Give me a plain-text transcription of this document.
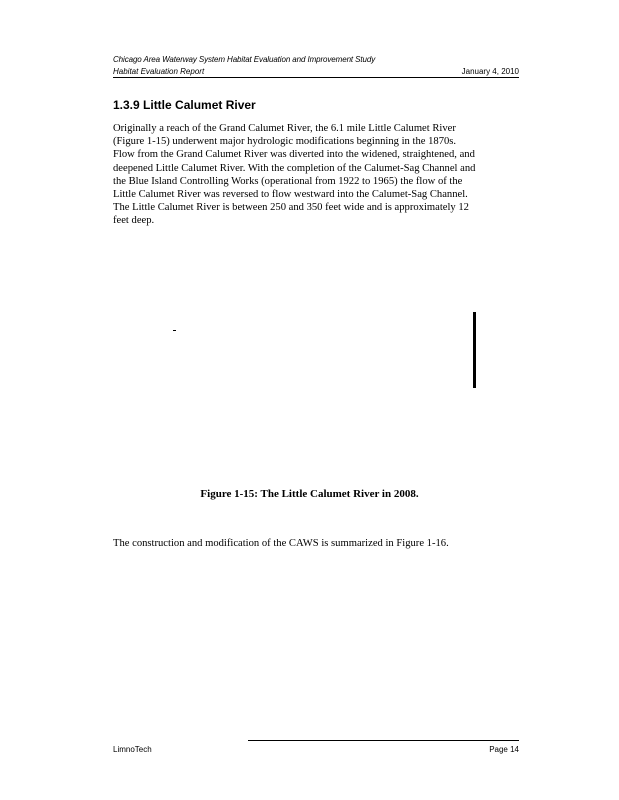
Chicago Area Waterway System Habitat Evaluation and Improvement Study
Habitat Evaluation Report	January 4, 2010
1.3.9 Little Calumet River
Originally a reach of the Grand Calumet River, the 6.1 mile Little Calumet River
(Figure 1-15) underwent major hydrologic modifications beginning in the 1870s.
Flow from the Grand Calumet River was diverted into the widened, straightened, and
deepened Little Calumet River. With the completion of the Calumet-Sag Channel and
the Blue Island Controlling Works (operational from 1922 to 1965) the flow of the
Little Calumet River was reversed to flow westward into the Calumet-Sag Channel.
The Little Calumet River is between 250 and 350 feet wide and is approximately 12
feet deep.
Figure 1-15: The Little Calumet River in 2008.
The construction and modification of the CAWS is summarized in Figure 1-16.
LimnoTech	Page 14
